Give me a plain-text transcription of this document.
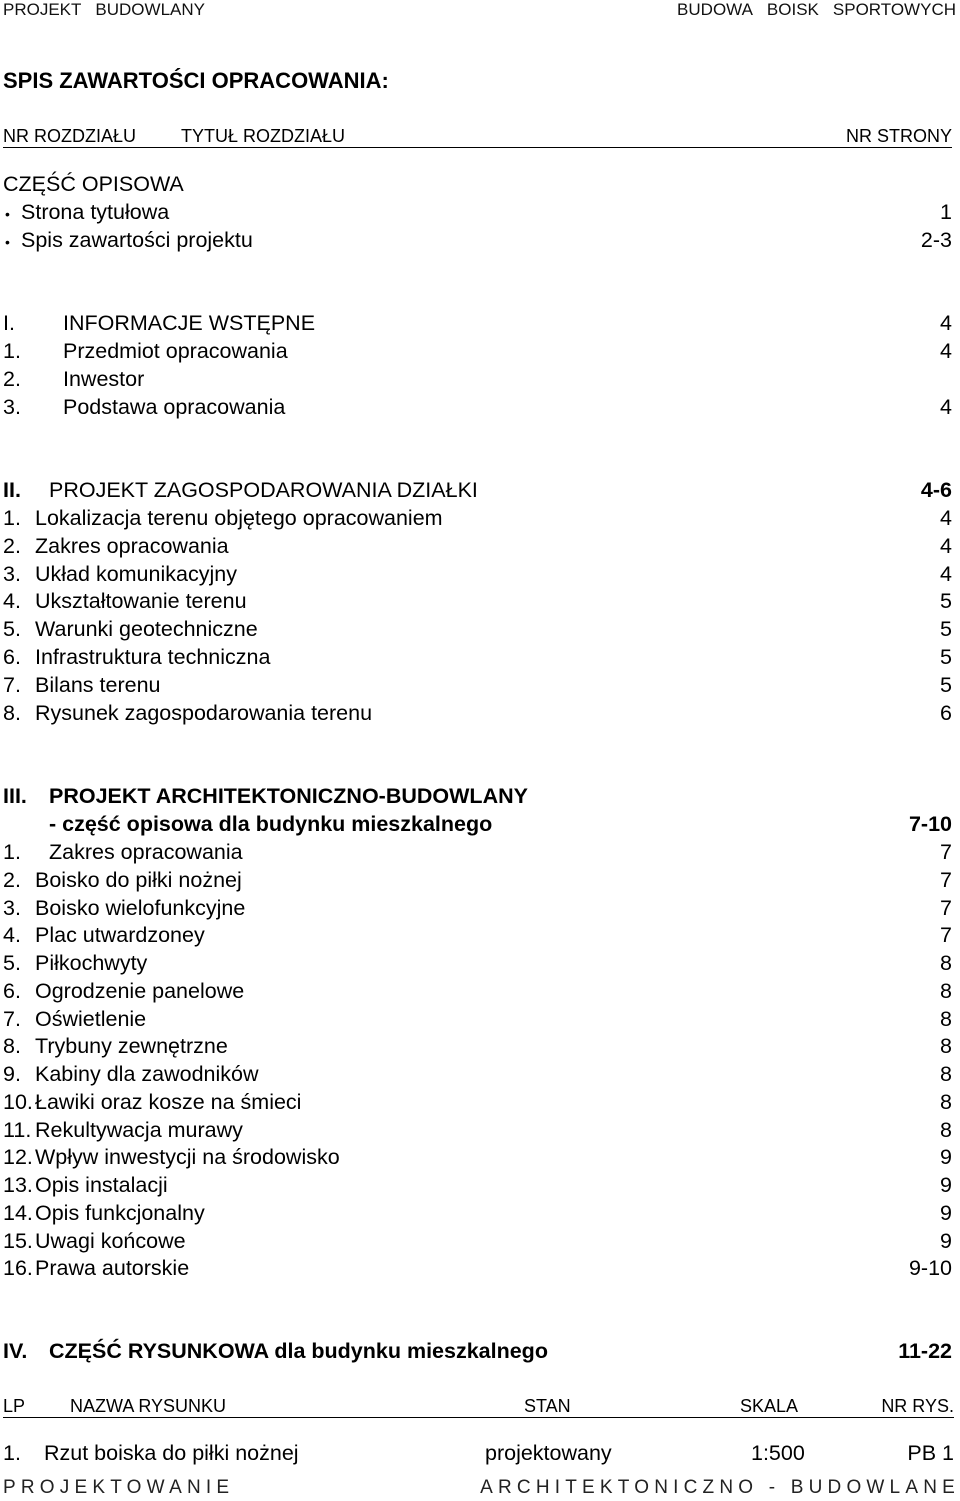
PROJEKT BUDOWLANY	BUDOWA BOISK SPORTOWYCH
SPIS ZAWARTOŚCI OPRACOWANIA:
NR ROZDZIAŁU TYTUŁ ROZDZIAŁU	NR STRONY
CZĘŚĆ OPISOWA
• Strona tytułowa	1
• Spis zawartości projektu	2-3
I. INFORMACJE WSTĘPNE	4
1. Przedmiot opracowania	4
2. Inwestor
3. Podstawa opracowania	4
II. PROJEKT ZAGOSPODAROWANIA DZIAŁKI	4-6
1. Lokalizacja terenu objętego opracowaniem	4
2. Zakres opracowania	4
3. Układ komunikacyjny	4
4. Ukształtowanie terenu	5
5. Warunki geotechniczne	5
6. Infrastruktura techniczna	5
7. Bilans terenu	5
8. Rysunek zagospodarowania terenu	6
III. PROJEKT ARCHITEKTONICZNO-BUDOWLANY
- część opisowa dla budynku mieszkalnego	7-10
1. Zakres opracowania	7
2. Boisko do piłki nożnej	7
3. Boisko wielofunkcyjne	7
4. Plac utwardzoney	7
5. Piłkochwyty	8
6. Ogrodzenie panelowe	8
7. Oświetlenie	8
8. Trybuny zewnętrzne	8
9. Kabiny dla zawodników	8
10. Ławiki oraz kosze na śmieci	8
11. Rekultywacja murawy	8
12. Wpływ inwestycji na środowisko	9
13. Opis instalacji	9
14. Opis funkcjonalny	9
15. Uwagi końcowe	9
16. Prawa autorskie	9-10
IV. CZĘŚĆ RYSUNKOWA dla budynku mieszkalnego	11-22
LP NAZWA RYSUNKU	STAN	SKALA	NR RYS.
1. Rzut boiska do piłki nożnej	projektowany	1:500	PB 1
PROJEKTOWANIE	ARCHITEKTONICZNO - BUDOWLANE
